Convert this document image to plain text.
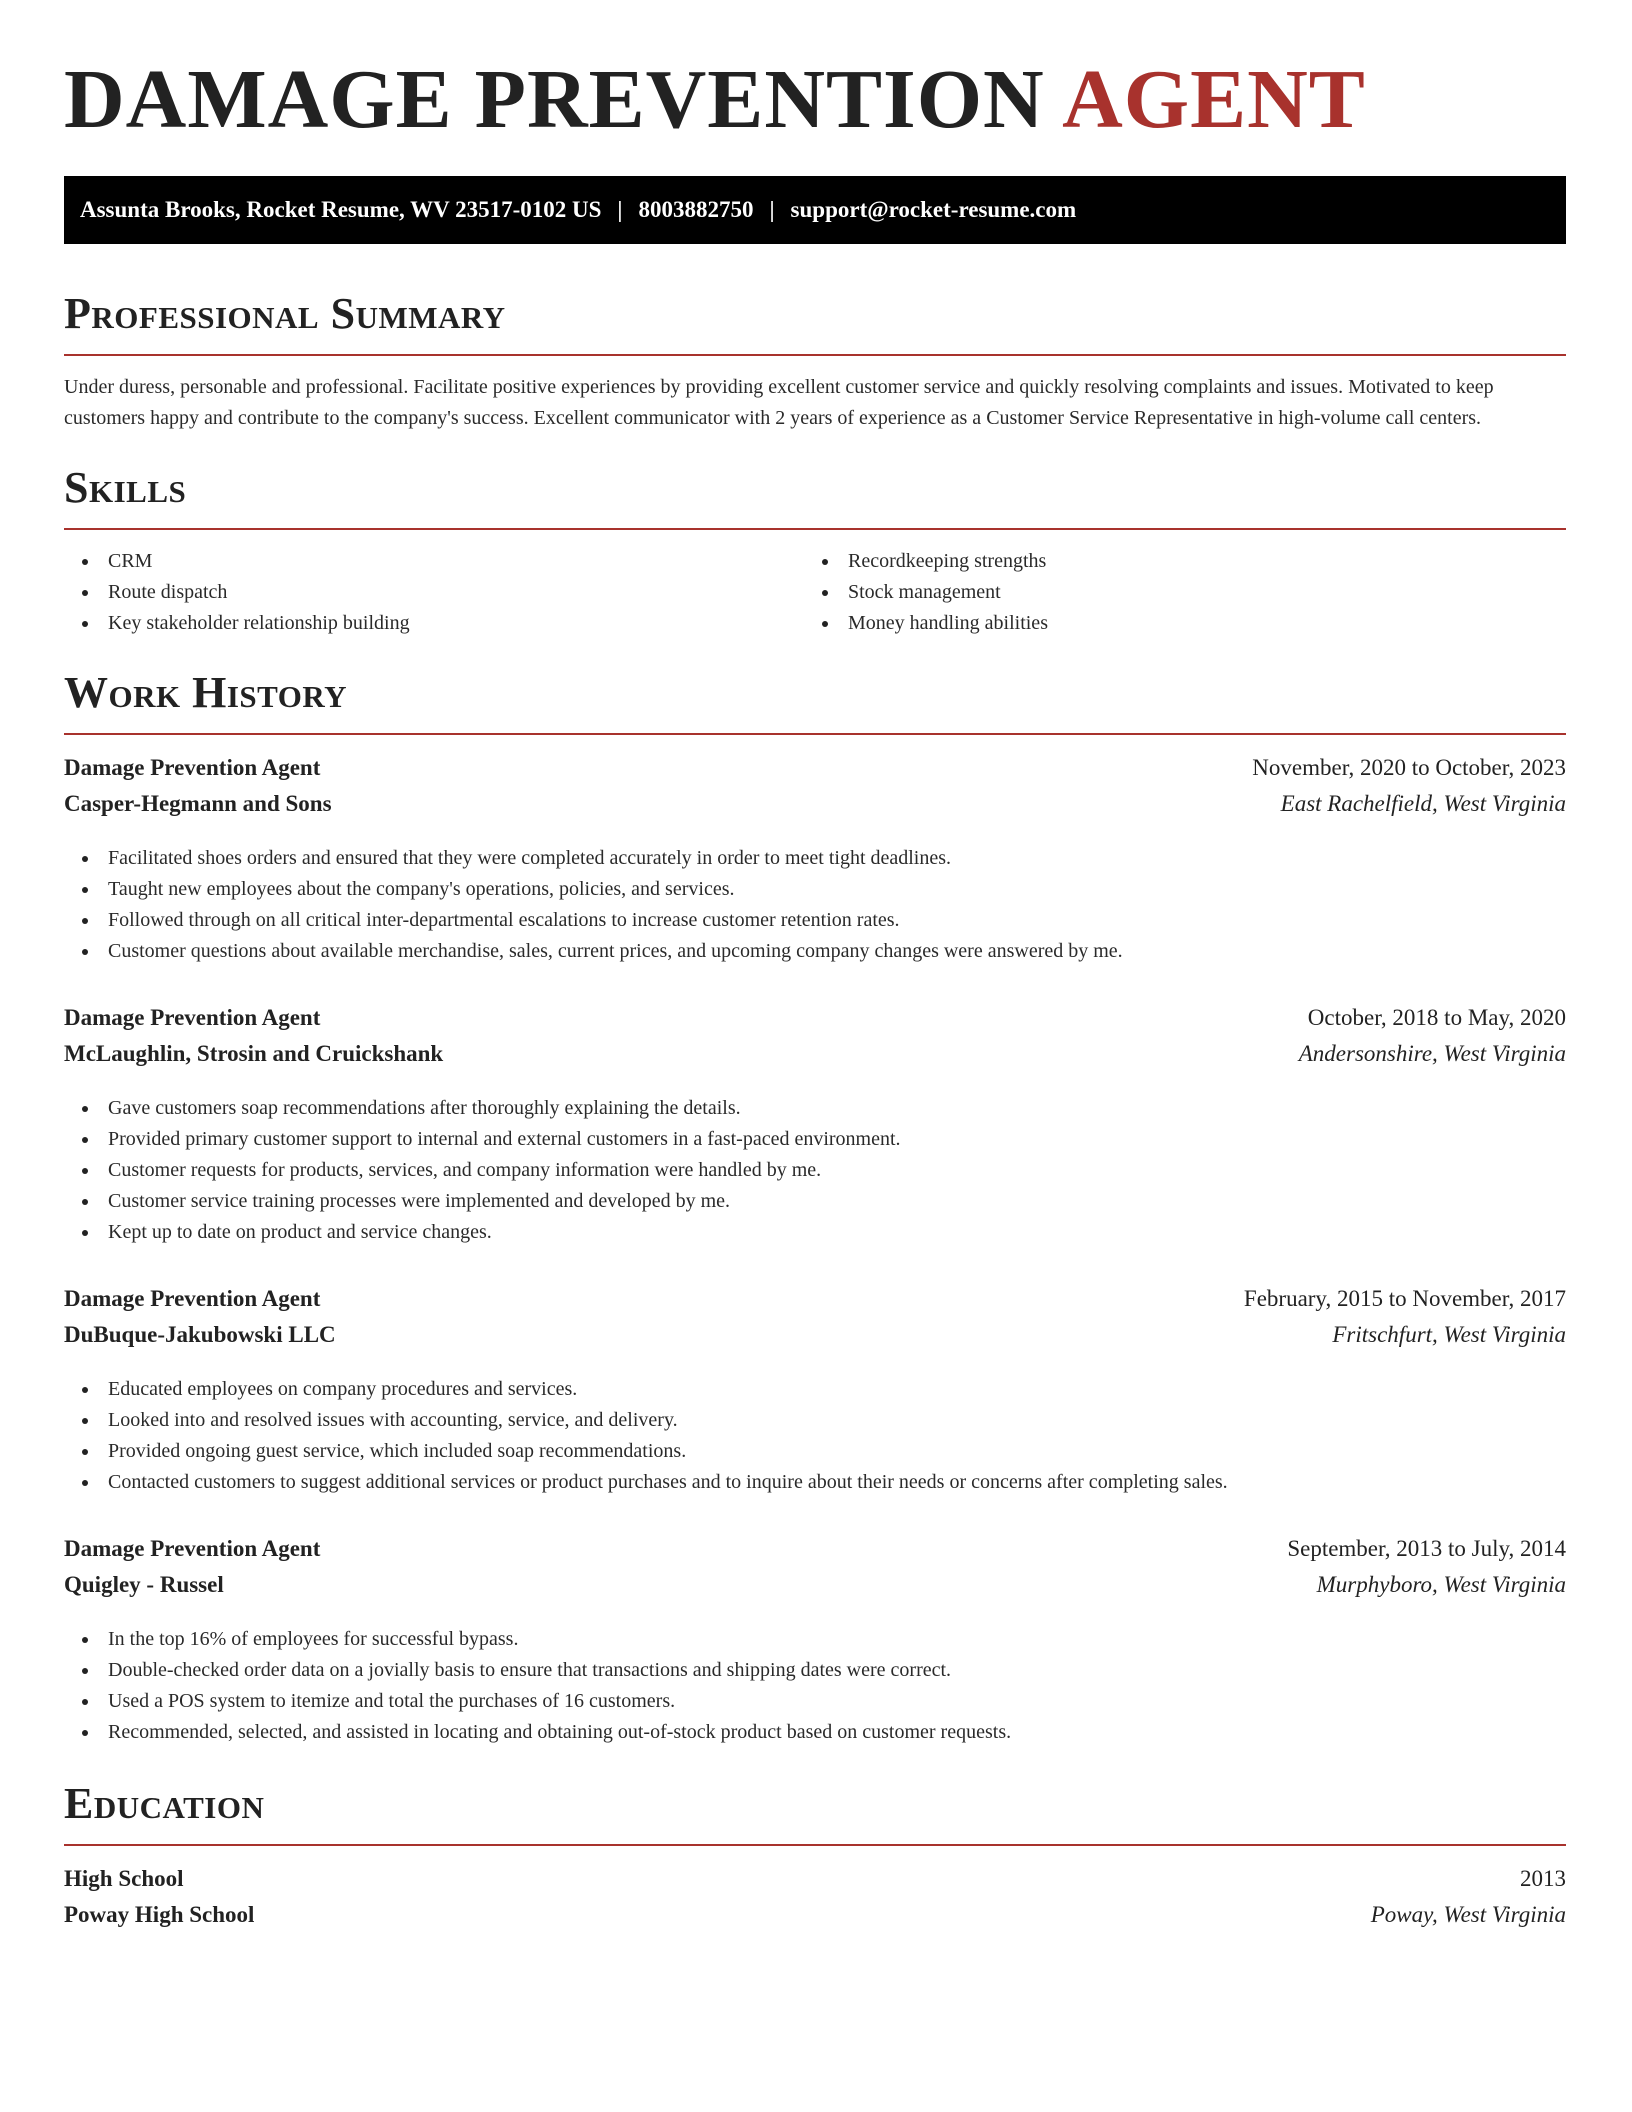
DAMAGE PREVENTION AGENT
Assunta Brooks, Rocket Resume, WV 23517-0102 US | 8003882750 | support@rocket-resume.com
Professional Summary

Under duress, personable and professional. Facilitate positive experiences by providing excellent customer service and quickly resolving complaints and issues. Motivated to keep customers happy and contribute to the company's success. Excellent communicator with 2 years of experience as a Customer Service Representative in high-volume call centers.

Skills
CRM
Route dispatch
Key stakeholder relationship building
Recordkeeping strengths
Stock management
Money handling abilities
Work History
Damage Prevention Agent	November, 2020 to October, 2023
Casper-Hegmann and Sons	East Rachelfield, West Virginia
Facilitated shoes orders and ensured that they were completed accurately in order to meet tight deadlines.
Taught new employees about the company's operations, policies, and services.
Followed through on all critical inter-departmental escalations to increase customer retention rates.
Customer questions about available merchandise, sales, current prices, and upcoming company changes were answered by me.
Damage Prevention Agent	October, 2018 to May, 2020
McLaughlin, Strosin and Cruickshank	Andersonshire, West Virginia
Gave customers soap recommendations after thoroughly explaining the details.
Provided primary customer support to internal and external customers in a fast-paced environment.
Customer requests for products, services, and company information were handled by me.
Customer service training processes were implemented and developed by me.
Kept up to date on product and service changes.
Damage Prevention Agent	February, 2015 to November, 2017
DuBuque-Jakubowski LLC	Fritschfurt, West Virginia
Educated employees on company procedures and services.
Looked into and resolved issues with accounting, service, and delivery.
Provided ongoing guest service, which included soap recommendations.
Contacted customers to suggest additional services or product purchases and to inquire about their needs or concerns after completing sales.
Damage Prevention Agent	September, 2013 to July, 2014
Quigley - Russel	Murphyboro, West Virginia
In the top 16% of employees for successful bypass.
Double-checked order data on a jovially basis to ensure that transactions and shipping dates were correct.
Used a POS system to itemize and total the purchases of 16 customers.
Recommended, selected, and assisted in locating and obtaining out-of-stock product based on customer requests.
Education
High School	2013
Poway High School	Poway, West Virginia
